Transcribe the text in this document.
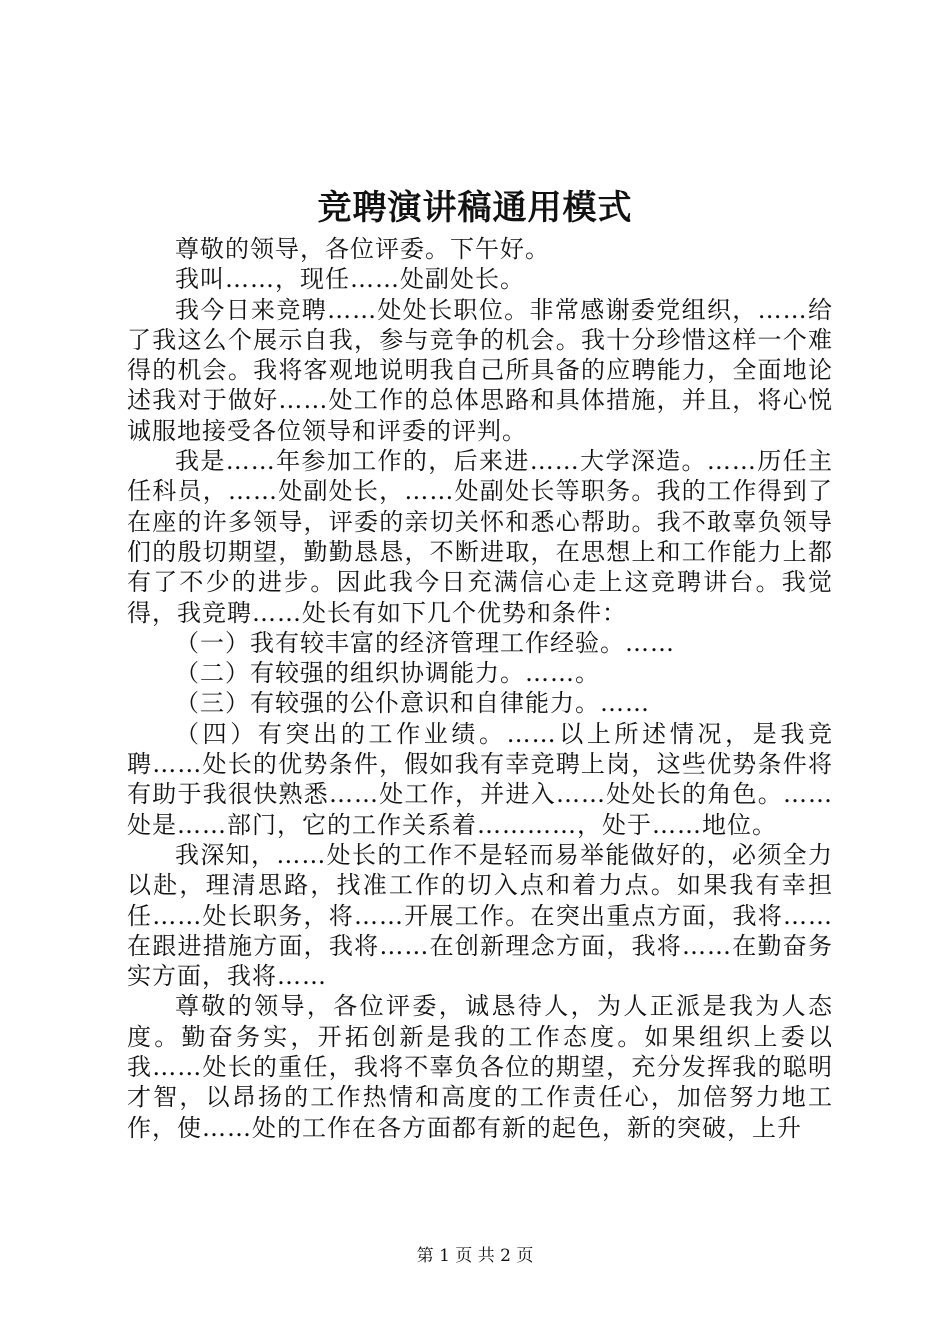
竞聘演讲稿通用模式

尊敬的领导，各位评委。下午好。

我叫……，现任……处副处长。

我今日来竞聘……处处长职位。非常感谢委党组织，……给了我这么个展示自我，参与竞争的机会。我十分珍惜这样一个难得的机会。我将客观地说明我自己所具备的应聘能力，全面地论述我对于做好……处工作的总体思路和具体措施，并且，将心悦诚服地接受各位领导和评委的评判。

我是……年参加工作的，后来进……大学深造。……历任主任科员，……处副处长，……处副处长等职务。我的工作得到了在座的许多领导，评委的亲切关怀和悉心帮助。我不敢辜负领导们的殷切期望，勤勤恳恳，不断进取，在思想上和工作能力上都有了不少的进步。因此我今日充满信心走上这竞聘讲台。我觉得，我竞聘……处长有如下几个优势和条件：

（一）我有较丰富的经济管理工作经验。……

（二）有较强的组织协调能力。……。

（三）有较强的公仆意识和自律能力。……

（四）有突出的工作业绩。……以上所述情况，是我竞聘……处长的优势条件，假如我有幸竞聘上岗，这些优势条件将有助于我很快熟悉……处工作，并进入……处处长的角色。……处是……部门，它的工作关系着…………，处于……地位。

我深知，……处长的工作不是轻而易举能做好的，必须全力以赴，理清思路，找准工作的切入点和着力点。如果我有幸担任……处长职务，将……开展工作。在突出重点方面，我将……在跟进措施方面，我将……在创新理念方面，我将……在勤奋务实方面，我将……

尊敬的领导，各位评委，诚恳待人，为人正派是我为人态度。勤奋务实，开拓创新是我的工作态度。如果组织上委以我……处长的重任，我将不辜负各位的期望，充分发挥我的聪明才智，以昂扬的工作热情和高度的工作责任心，加倍努力地工作，使……处的工作在各方面都有新的起色，新的突破，上升

第 1 页 共 2 页
